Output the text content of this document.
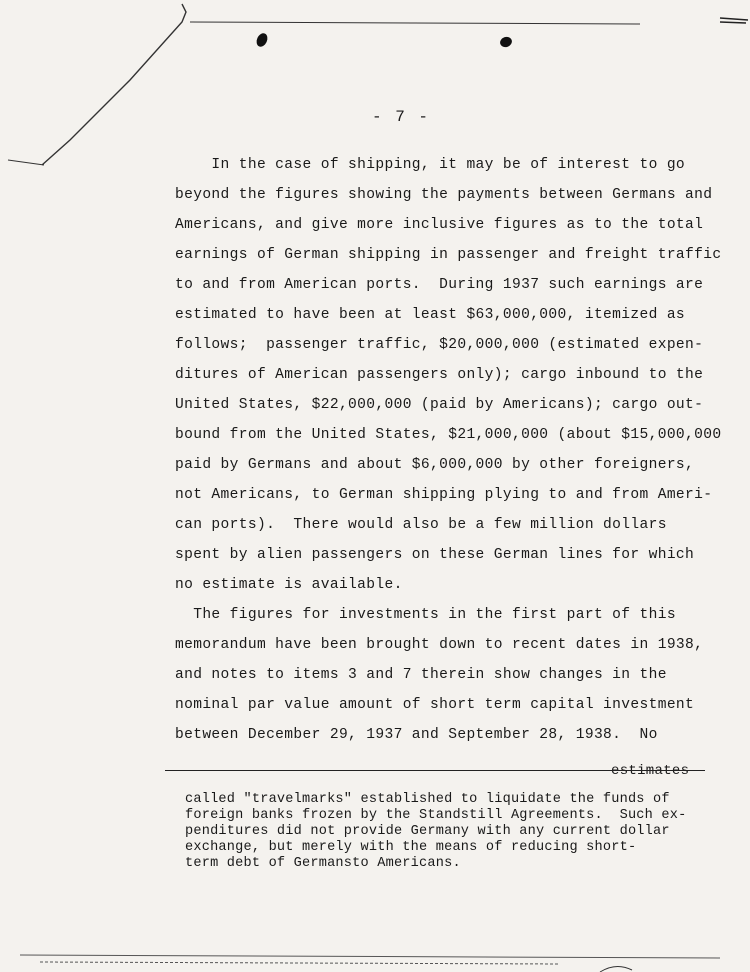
- 7 -
In the case of shipping, it may be of interest to go
beyond the figures showing the payments between Germans and
Americans, and give more inclusive figures as to the total
earnings of German shipping in passenger and freight traffic
to and from American ports.  During 1937 such earnings are
estimated to have been at least $63,000,000, itemized as
follows;  passenger traffic, $20,000,000 (estimated expen-
ditures of American passengers only); cargo inbound to the
United States, $22,000,000 (paid by Americans); cargo out-
bound from the United States, $21,000,000 (about $15,000,000
paid by Germans and about $6,000,000 by other foreigners,
not Americans, to German shipping plying to and from Ameri-
can ports).  There would also be a few million dollars
spent by alien passengers on these German lines for which
no estimate is available.
The figures for investments in the first part of this
memorandum have been brought down to recent dates in 1938,
and notes to items 3 and 7 therein show changes in the
nominal par value amount of short term capital investment
between December 29, 1937 and September 28, 1938.  No
estimates
called "travelmarks" established to liquidate the funds of
foreign banks frozen by the Standstill Agreements.  Such ex-
penditures did not provide Germany with any current dollar
exchange, but merely with the means of reducing short-
term debt of Germansto Americans.
